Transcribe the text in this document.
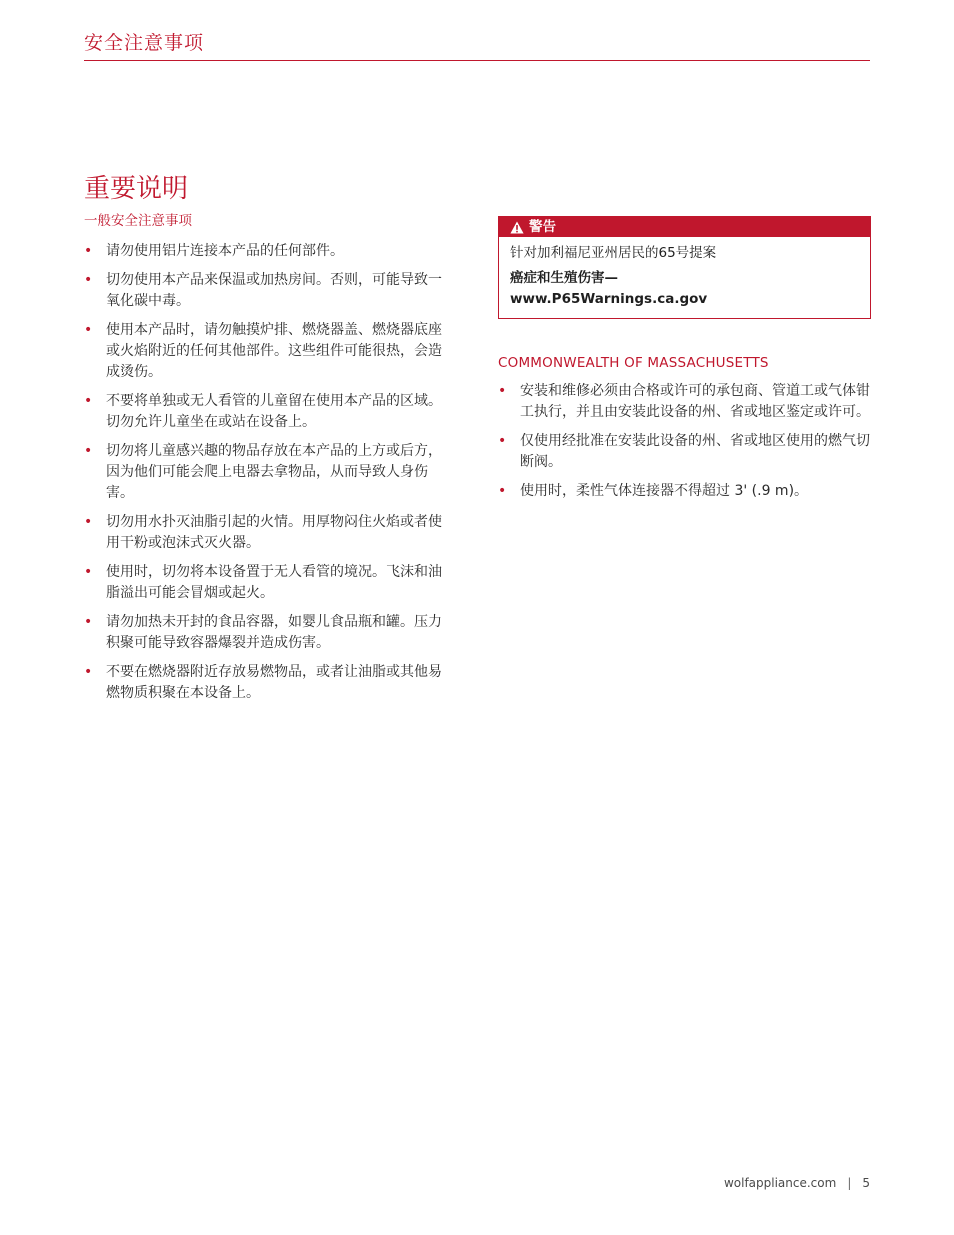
安全注意事项
重要说明
一般安全注意事项
• 请勿使用铝片连接本产品的任何部件。
• 切勿使用本产品来保温或加热房间。否则，可能导致一氧化碳中毒。
• 使用本产品时，请勿触摸炉排、燃烧器盖、燃烧器底座或火焰附近的任何其他部件。这些组件可能很热，会造成烫伤。
• 不要将单独或无人看管的儿童留在使用本产品的区域。切勿允许儿童坐在或站在设备上。
• 切勿将儿童感兴趣的物品存放在本产品的上方或后方，因为他们可能会爬上电器去拿物品，从而导致人身伤害。
• 切勿用水扑灭油脂引起的火情。用厚物闷住火焰或者使用干粉或泡沫式灭火器。
• 使用时，切勿将本设备置于无人看管的境况。飞沫和油脂溢出可能会冒烟或起火。
• 请勿加热未开封的食品容器，如婴儿食品瓶和罐。压力积聚可能导致容器爆裂并造成伤害。
• 不要在燃烧器附近存放易燃物品，或者让油脂或其他易燃物质积聚在本设备上。
警告
针对加利福尼亚州居民的65号提案
癌症和生殖伤害—
www.P65Warnings.ca.gov
COMMONWEALTH OF MASSACHUSETTS
• 安装和维修必须由合格或许可的承包商、管道工或气体钳工执行，并且由安装此设备的州、省或地区鉴定或许可。
• 仅使用经批准在安装此设备的州、省或地区使用的燃气切断阀。
• 使用时，柔性气体连接器不得超过 3' (.9 m)。
wolfappliance.com | 5
